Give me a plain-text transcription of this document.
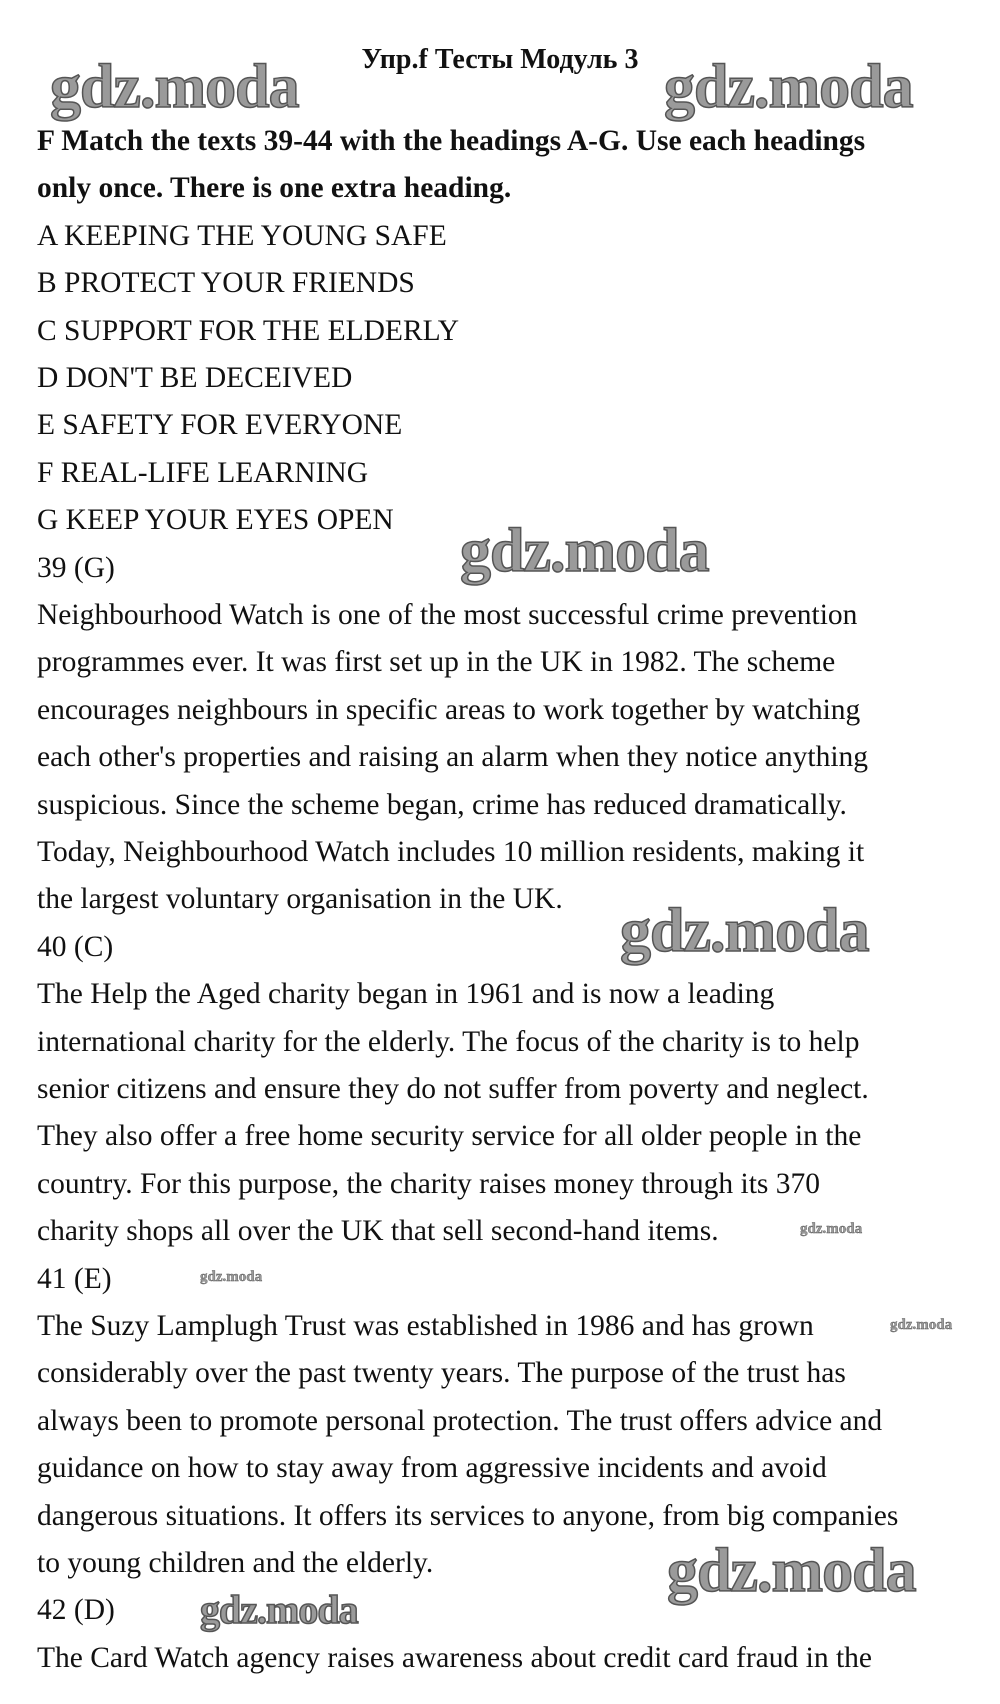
Упр.f Тесты Модуль 3
F Match the texts 39-44 with the headings A-G. Use each headings
only once. There is one extra heading.
A KEEPING THE YOUNG SAFE
B PROTECT YOUR FRIENDS
C SUPPORT FOR THE ELDERLY
D DON'T BE DECEIVED
E SAFETY FOR EVERYONE
F REAL-LIFE LEARNING
G KEEP YOUR EYES OPEN
39 (G)
Neighbourhood Watch is one of the most successful crime prevention
programmes ever. It was first set up in the UK in 1982. The scheme
encourages neighbours in specific areas to work together by watching
each other's properties and raising an alarm when they notice anything
suspicious. Since the scheme began, crime has reduced dramatically.
Today, Neighbourhood Watch includes 10 million residents, making it
the largest voluntary organisation in the UK.
40 (C)
The Help the Aged charity began in 1961 and is now a leading
international charity for the elderly. The focus of the charity is to help
senior citizens and ensure they do not suffer from poverty and neglect.
They also offer a free home security service for all older people in the
country. For this purpose, the charity raises money through its 370
charity shops all over the UK that sell second-hand items.
41 (E)
The Suzy Lamplugh Trust was established in 1986 and has grown
considerably over the past twenty years. The purpose of the trust has
always been to promote personal protection. The trust offers advice and
guidance on how to stay away from aggressive incidents and avoid
dangerous situations. It offers its services to anyone, from big companies
to young children and the elderly.
42 (D)
The Card Watch agency raises awareness about credit card fraud in the
gdz.moda	gdz.moda
gdz.moda
gdz.moda
gdz.moda
gdz.moda
gdz.moda
gdz.moda
gdz.moda
